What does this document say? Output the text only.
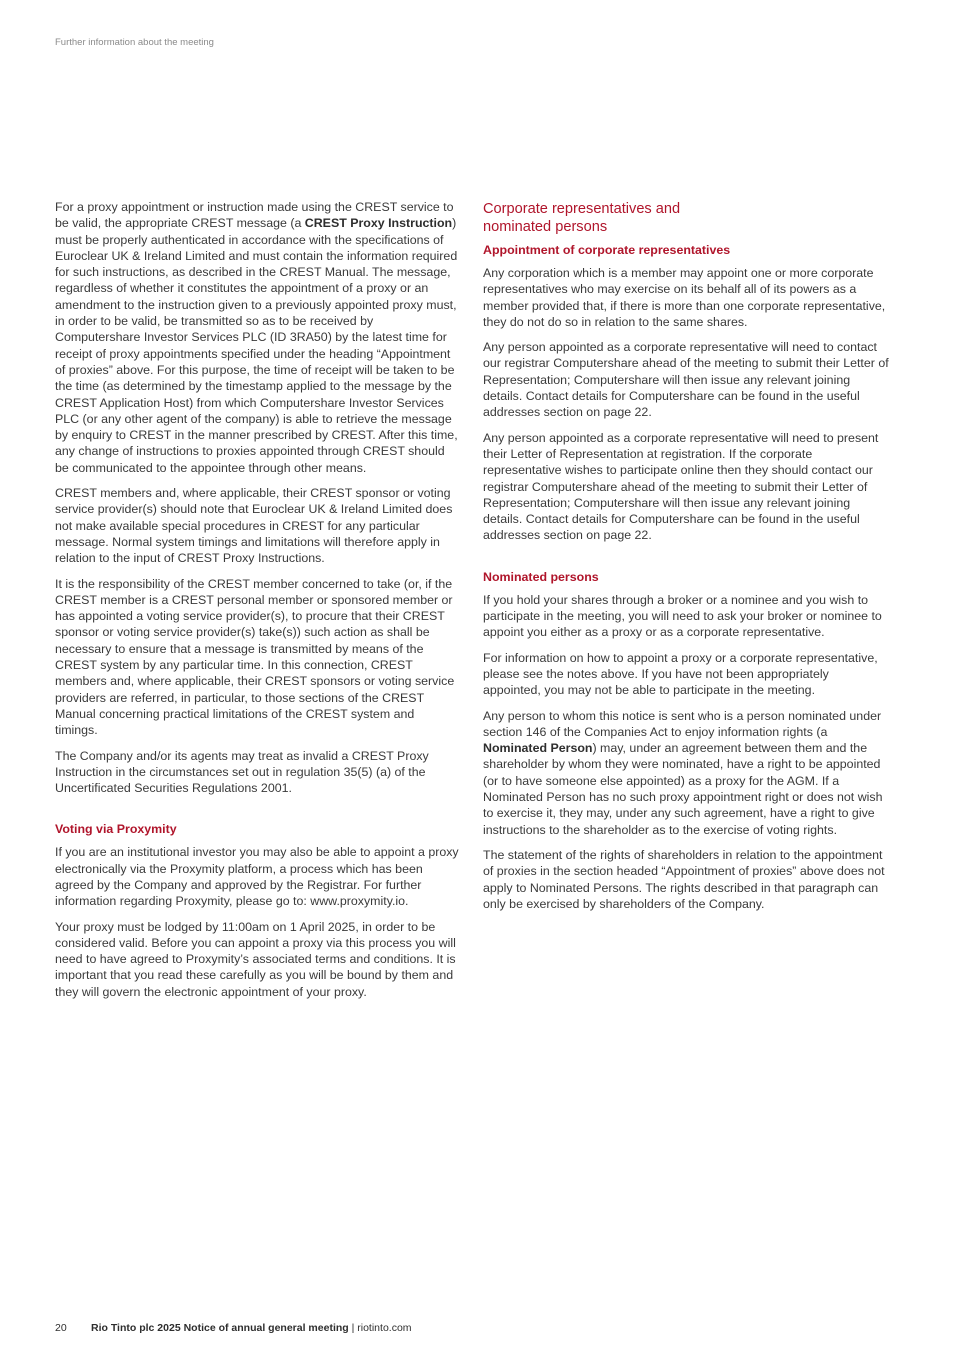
Further information about the meeting

For a proxy appointment or instruction made using the CREST service to be valid, the appropriate CREST message (a CREST Proxy Instruction) must be properly authenticated in accordance with the specifications of Euroclear UK & Ireland Limited and must contain the information required for such instructions, as described in the CREST Manual. The message, regardless of whether it constitutes the appointment of a proxy or an amendment to the instruction given to a previously appointed proxy must, in order to be valid, be transmitted so as to be received by Computershare Investor Services PLC (ID 3RA50) by the latest time for receipt of proxy appointments specified under the heading “Appointment of proxies” above. For this purpose, the time of receipt will be taken to be the time (as determined by the timestamp applied to the message by the CREST Application Host) from which Computershare Investor Services PLC (or any other agent of the company) is able to retrieve the message by enquiry to CREST in the manner prescribed by CREST. After this time, any change of instructions to proxies appointed through CREST should be communicated to the appointee through other means.

CREST members and, where applicable, their CREST sponsor or voting service provider(s) should note that Euroclear UK & Ireland Limited does not make available special procedures in CREST for any particular message. Normal system timings and limitations will therefore apply in relation to the input of CREST Proxy Instructions.

It is the responsibility of the CREST member concerned to take (or, if the CREST member is a CREST personal member or sponsored member or has appointed a voting service provider(s), to procure that their CREST sponsor or voting service provider(s) take(s)) such action as shall be necessary to ensure that a message is transmitted by means of the CREST system by any particular time. In this connection, CREST members and, where applicable, their CREST sponsors or voting service providers are referred, in particular, to those sections of the CREST Manual concerning practical limitations of the CREST system and timings.

The Company and/or its agents may treat as invalid a CREST Proxy Instruction in the circumstances set out in regulation 35(5) (a) of the Uncertificated Securities Regulations 2001.

Voting via Proxymity

If you are an institutional investor you may also be able to appoint a proxy electronically via the Proxymity platform, a process which has been agreed by the Company and approved by the Registrar. For further information regarding Proxymity, please go to: www.proxymity.io.

Your proxy must be lodged by 11:00am on 1 April 2025, in order to be considered valid. Before you can appoint a proxy via this process you will need to have agreed to Proxymity’s associated terms and conditions. It is important that you read these carefully as you will be bound by them and they will govern the electronic appointment of your proxy.

Corporate representatives and nominated persons
Appointment of corporate representatives

Any corporation which is a member may appoint one or more corporate representatives who may exercise on its behalf all of its powers as a member provided that, if there is more than one corporate representative, they do not do so in relation to the same shares.

Any person appointed as a corporate representative will need to contact our registrar Computershare ahead of the meeting to submit their Letter of Representation; Computershare will then issue any relevant joining details. Contact details for Computershare can be found in the useful addresses section on page 22.

Any person appointed as a corporate representative will need to present their Letter of Representation at registration. If the corporate representative wishes to participate online then they should contact our registrar Computershare ahead of the meeting to submit their Letter of Representation; Computershare will then issue any relevant joining details. Contact details for Computershare can be found in the useful addresses section on page 22.

Nominated persons

If you hold your shares through a broker or a nominee and you wish to participate in the meeting, you will need to ask your broker or nominee to appoint you either as a proxy or as a corporate representative.

For information on how to appoint a proxy or a corporate representative, please see the notes above. If you have not been appropriately appointed, you may not be able to participate in the meeting.

Any person to whom this notice is sent who is a person nominated under section 146 of the Companies Act to enjoy information rights (a Nominated Person) may, under an agreement between them and the shareholder by whom they were nominated, have a right to be appointed (or to have someone else appointed) as a proxy for the AGM. If a Nominated Person has no such proxy appointment right or does not wish to exercise it, they may, under any such agreement, have a right to give instructions to the shareholder as to the exercise of voting rights.

The statement of the rights of shareholders in relation to the appointment of proxies in the section headed “Appointment of proxies” above does not apply to Nominated Persons. The rights described in that paragraph can only be exercised by shareholders of the Company.

20 Rio Tinto plc 2025 Notice of annual general meeting | riotinto.com
